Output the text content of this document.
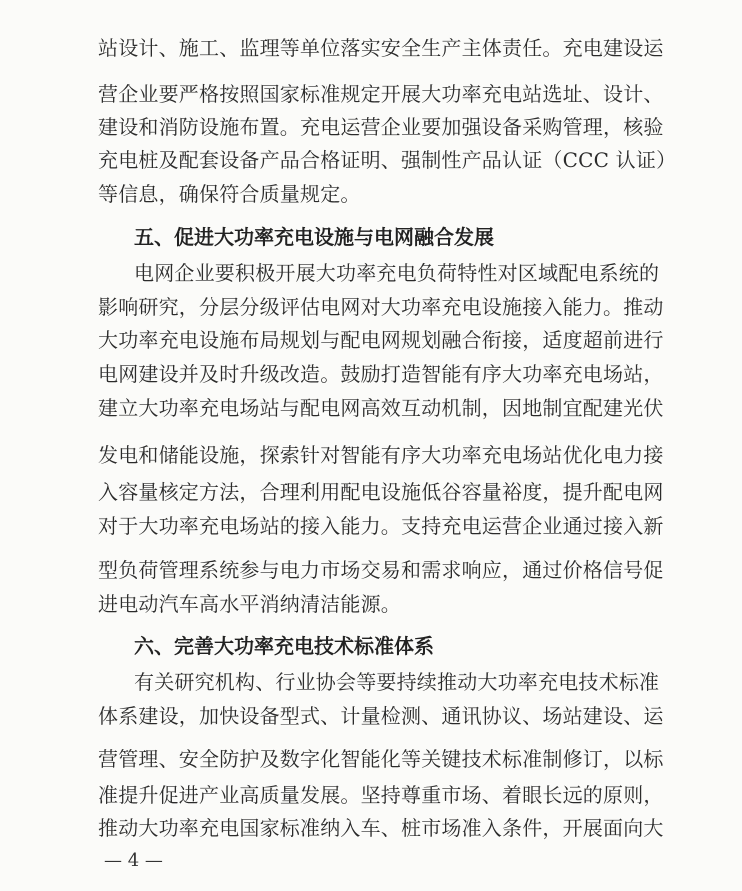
站设计、施工、监理等单位落实安全生产主体责任。充电建设运
营企业要严格按照国家标准规定开展大功率充电站选址、设计、
建设和消防设施布置。充电运营企业要加强设备采购管理，核验
充电桩及配套设备产品合格证明、强制性产品认证（CCC 认证）
等信息，确保符合质量规定。
五、促进大功率充电设施与电网融合发展
电网企业要积极开展大功率充电负荷特性对区域配电系统的
影响研究，分层分级评估电网对大功率充电设施接入能力。推动
大功率充电设施布局规划与配电网规划融合衔接，适度超前进行
电网建设并及时升级改造。鼓励打造智能有序大功率充电场站，
建立大功率充电场站与配电网高效互动机制，因地制宜配建光伏
发电和储能设施，探索针对智能有序大功率充电场站优化电力接
入容量核定方法，合理利用配电设施低谷容量裕度，提升配电网
对于大功率充电场站的接入能力。支持充电运营企业通过接入新
型负荷管理系统参与电力市场交易和需求响应，通过价格信号促
进电动汽车高水平消纳清洁能源。
六、完善大功率充电技术标准体系
有关研究机构、行业协会等要持续推动大功率充电技术标准
体系建设，加快设备型式、计量检测、通讯协议、场站建设、运
营管理、安全防护及数字化智能化等关键技术标准制修订，以标
准提升促进产业高质量发展。坚持尊重市场、着眼长远的原则，
推动大功率充电国家标准纳入车、桩市场准入条件，开展面向大
— 4 —
